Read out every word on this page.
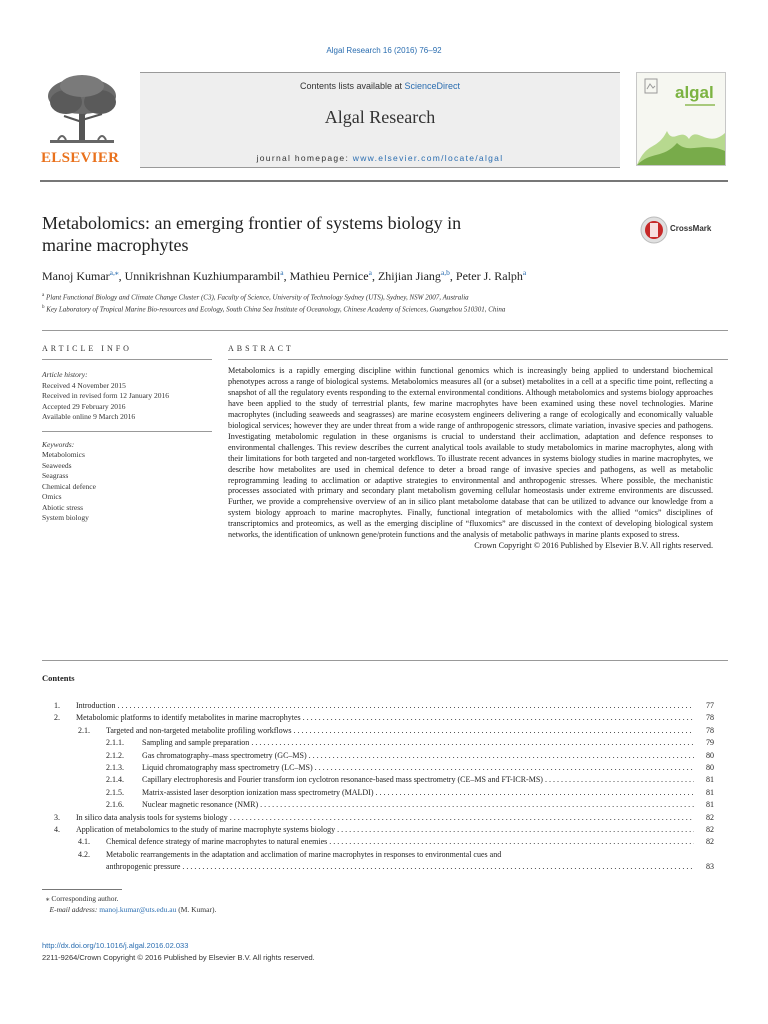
Algal Research 16 (2016) 76–92
ELSEVIER
Contents lists available at ScienceDirect
Algal Research
journal homepage: www.elsevier.com/locate/algal
algal
Metabolomics: an emerging frontier of systems biology in
marine macrophytes
CrossMark
Manoj Kumar$^{a,⁎}$, Unnikrishnan Kuzhiumparambil$^a$, Mathieu Pernice$^a$, Zhijian Jiang$^{a,b}$, Peter J. Ralph$^a$
$^a$ Plant Functional Biology and Climate Change Cluster (C3), Faculty of Science, University of Technology Sydney (UTS), Sydney, NSW 2007, Australia
$^b$ Key Laboratory of Tropical Marine Bio-resources and Ecology, South China Sea Institute of Oceanology, Chinese Academy of Sciences, Guangzhou 510301, China
ARTICLE INFO	ABSTRACT
Article history:
Received 4 November 2015
Received in revised form 12 January 2016
Accepted 29 February 2016
Available online 9 March 2016
Keywords:
Metabolomics
Seaweeds
Seagrass
Chemical defence
Omics
Abiotic stress
System biology
Metabolomics is a rapidly emerging discipline within functional genomics which is increasingly being applied to understand biochemical phenotypes across a range of biological systems. Metabolomics measures all (or a subset) metabolites in a cell at a specific time point, reflecting a snapshot of all the regulatory events responding to the external environmental conditions. Although metabolomics and systems biology approaches have been applied to the study of terrestrial plants, few marine macrophytes have been examined using these novel technologies. Marine macrophytes (including seaweeds and seagrasses) are marine ecosystem engineers delivering a range of ecologically and economically valuable biological services; however they are under threat from a wide range of anthropogenic stressors, climate variation, invasive species and pathogens. Investigating metabolomic regulation in these organisms is crucial to understand their acclimation, adaptation and defence responses to environmental challenges. This review describes the current analytical tools available to study metabolomics in marine macrophytes, along with their limitations for both targeted and non-targeted workflows. To illustrate recent advances in systems biology studies in marine macrophytes, we describe how metabolites are used in chemical defence to deter a broad range of invasive species and pathogens, as well as metabolic reprogramming leading to acclimation or adaptive strategies to environmental and anthropogenic stresses. Where possible, the mechanistic processes associated with primary and secondary plant metabolism governing cellular homeostasis under extreme environments are discussed. Further, we provide a comprehensive overview of an in silico plant metabolome database that can be utilized to advance our knowledge from a system biology approach to marine macrophytes. Finally, functional integration of metabolomics with the allied “omics” disciplines of transcriptomics and proteomics, as well as the emerging discipline of “fluxomics” are discussed in the context of developing biological system networks, the identification of unknown gene/protein functions and the analysis of metabolic pathways in marine plants exposed to stress.
Crown Copyright © 2016 Published by Elsevier B.V. All rights reserved.
Contents
1. Introduction . . .	77
2. Metabolomic platforms to identify metabolites in marine macrophytes . . .	78
2.1. Targeted and non-targeted metabolite profiling workflows . . .	78
2.1.1. Sampling and sample preparation . . .	79
2.1.2. Gas chromatography–mass spectrometry (GC–MS) . . .	80
2.1.3. Liquid chromatography mass spectrometry (LC–MS) . . .	80
2.1.4. Capillary electrophoresis and Fourier transform ion cyclotron resonance-based mass spectrometry (CE–MS and FT-ICR-MS) . . .	81
2.1.5. Matrix-assisted laser desorption ionization mass spectrometry (MALDI) . . .	81
2.1.6. Nuclear magnetic resonance (NMR) . . .	81
3. In silico data analysis tools for systems biology . . .	82
4. Application of metabolomics to the study of marine macrophyte systems biology . . .	82
4.1. Chemical defence strategy of marine macrophytes to natural enemies . . .	82
4.2. Metabolic rearrangements in the adaptation and acclimation of marine macrophytes in responses to environmental cues and
anthropogenic pressure . . .	83
⁎ Corresponding author.
E-mail address: manoj.kumar@uts.edu.au (M. Kumar).
http://dx.doi.org/10.1016/j.algal.2016.02.033
2211-9264/Crown Copyright © 2016 Published by Elsevier B.V. All rights reserved.
